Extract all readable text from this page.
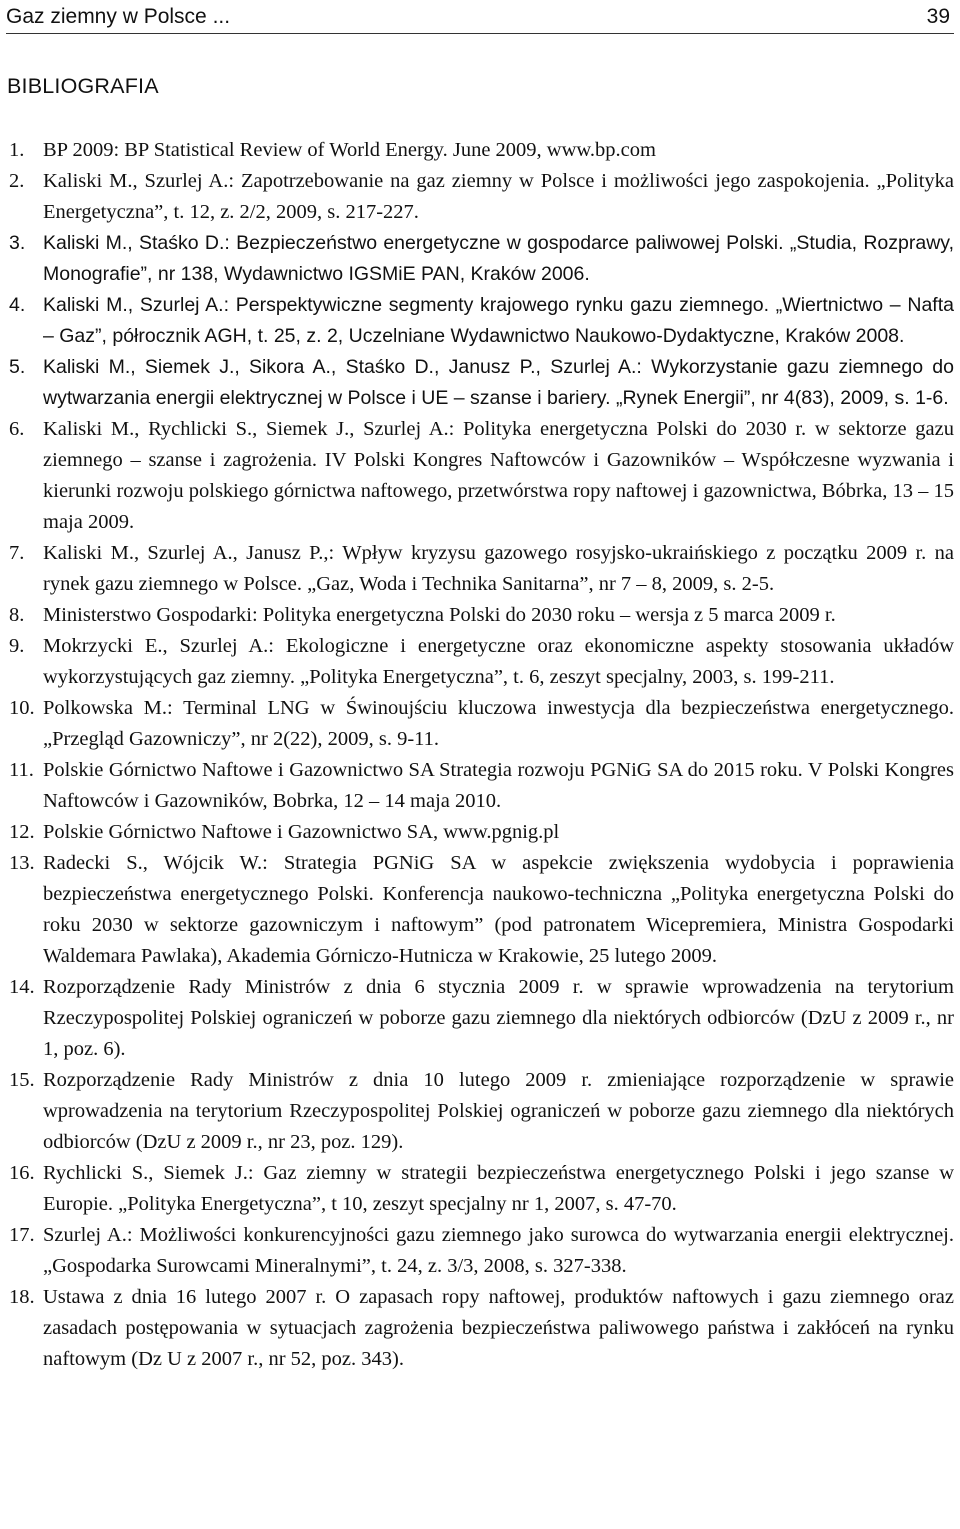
Gaz ziemny w Polsce ...	39
BIBLIOGRAFIA
1. BP 2009: BP Statistical Review of World Energy. June 2009, www.bp.com
2. Kaliski M., Szurlej A.: Zapotrzebowanie na gaz ziemny w Polsce i możliwości jego zaspokojenia. „Polityka Energetyczna”, t. 12, z. 2/2, 2009, s. 217-227.
3. Kaliski M., Staśko D.: Bezpieczeństwo energetyczne w gospodarce paliwowej Polski. „Studia, Rozprawy, Monografie”, nr 138, Wydawnictwo IGSMiE PAN, Kraków 2006.
4. Kaliski M., Szurlej A.: Perspektywiczne segmenty krajowego rynku gazu ziemnego. „Wiertnictwo – Nafta – Gaz”, półrocznik AGH, t. 25, z. 2, Uczelniane Wydawnictwo Naukowo-Dydaktyczne, Kraków 2008.
5. Kaliski M., Siemek J., Sikora A., Staśko D., Janusz P., Szurlej A.: Wykorzystanie gazu ziemnego do wytwarzania energii elektrycznej w Polsce i UE – szanse i bariery. „Rynek Energii”, nr 4(83), 2009, s. 1-6.
6. Kaliski M., Rychlicki S., Siemek J., Szurlej A.: Polityka energetyczna Polski do 2030 r. w sektorze gazu ziemnego – szanse i zagrożenia. IV Polski Kongres Naftowców i Gazowników – Współczesne wyzwania i kierunki rozwoju polskiego górnictwa naftowego, przetwórstwa ropy naftowej i gazownictwa, Bóbrka, 13 – 15 maja 2009.
7. Kaliski M., Szurlej A., Janusz P.,: Wpływ kryzysu gazowego rosyjsko-ukraińskiego z początku 2009 r. na rynek gazu ziemnego w Polsce. „Gaz, Woda i Technika Sanitarna”, nr 7 – 8, 2009, s. 2-5.
8. Ministerstwo Gospodarki: Polityka energetyczna Polski do 2030 roku – wersja z 5 marca 2009 r.
9. Mokrzycki E., Szurlej A.: Ekologiczne i energetyczne oraz ekonomiczne aspekty stosowania układów wykorzystujących gaz ziemny. „Polityka Energetyczna”, t. 6, zeszyt specjalny, 2003, s. 199-211.
10. Polkowska M.: Terminal LNG w Świnoujściu kluczowa inwestycja dla bezpieczeństwa energetycznego. „Przegląd Gazowniczy”, nr 2(22), 2009, s. 9-11.
11. Polskie Górnictwo Naftowe i Gazownictwo SA Strategia rozwoju PGNiG SA do 2015 roku. V Polski Kongres Naftowców i Gazowników, Bobrka, 12 – 14 maja 2010.
12. Polskie Górnictwo Naftowe i Gazownictwo SA, www.pgnig.pl
13. Radecki S., Wójcik W.: Strategia PGNiG SA w aspekcie zwiększenia wydobycia i poprawienia bezpieczeństwa energetycznego Polski. Konferencja naukowo-techniczna „Polityka energetyczna Polski do roku 2030 w sektorze gazowniczym i naftowym” (pod patronatem Wicepremiera, Ministra Gospodarki Waldemara Pawlaka), Akademia Górniczo-Hutnicza w Krakowie, 25 lutego 2009.
14. Rozporządzenie Rady Ministrów z dnia 6 stycznia 2009 r. w sprawie wprowadzenia na terytorium Rzeczypospolitej Polskiej ograniczeń w poborze gazu ziemnego dla niektórych odbiorców (DzU z 2009 r., nr 1, poz. 6).
15. Rozporządzenie Rady Ministrów z dnia 10 lutego 2009 r. zmieniające rozporządzenie w sprawie wprowadzenia na terytorium Rzeczypospolitej Polskiej ograniczeń w poborze gazu ziemnego dla niektórych odbiorców (DzU z 2009 r., nr 23, poz. 129).
16. Rychlicki S., Siemek J.: Gaz ziemny w strategii bezpieczeństwa energetycznego Polski i jego szanse w Europie. „Polityka Energetyczna”, t 10, zeszyt specjalny nr 1, 2007, s. 47-70.
17. Szurlej A.: Możliwości konkurencyjności gazu ziemnego jako surowca do wytwarzania energii elektrycznej. „Gospodarka Surowcami Mineralnymi”, t. 24, z. 3/3, 2008, s. 327-338.
18. Ustawa z dnia 16 lutego 2007 r. O zapasach ropy naftowej, produktów naftowych i gazu ziemnego oraz zasadach postępowania w sytuacjach zagrożenia bezpieczeństwa paliwowego państwa i zakłóceń na rynku naftowym (Dz U z 2007 r., nr 52, poz. 343).
